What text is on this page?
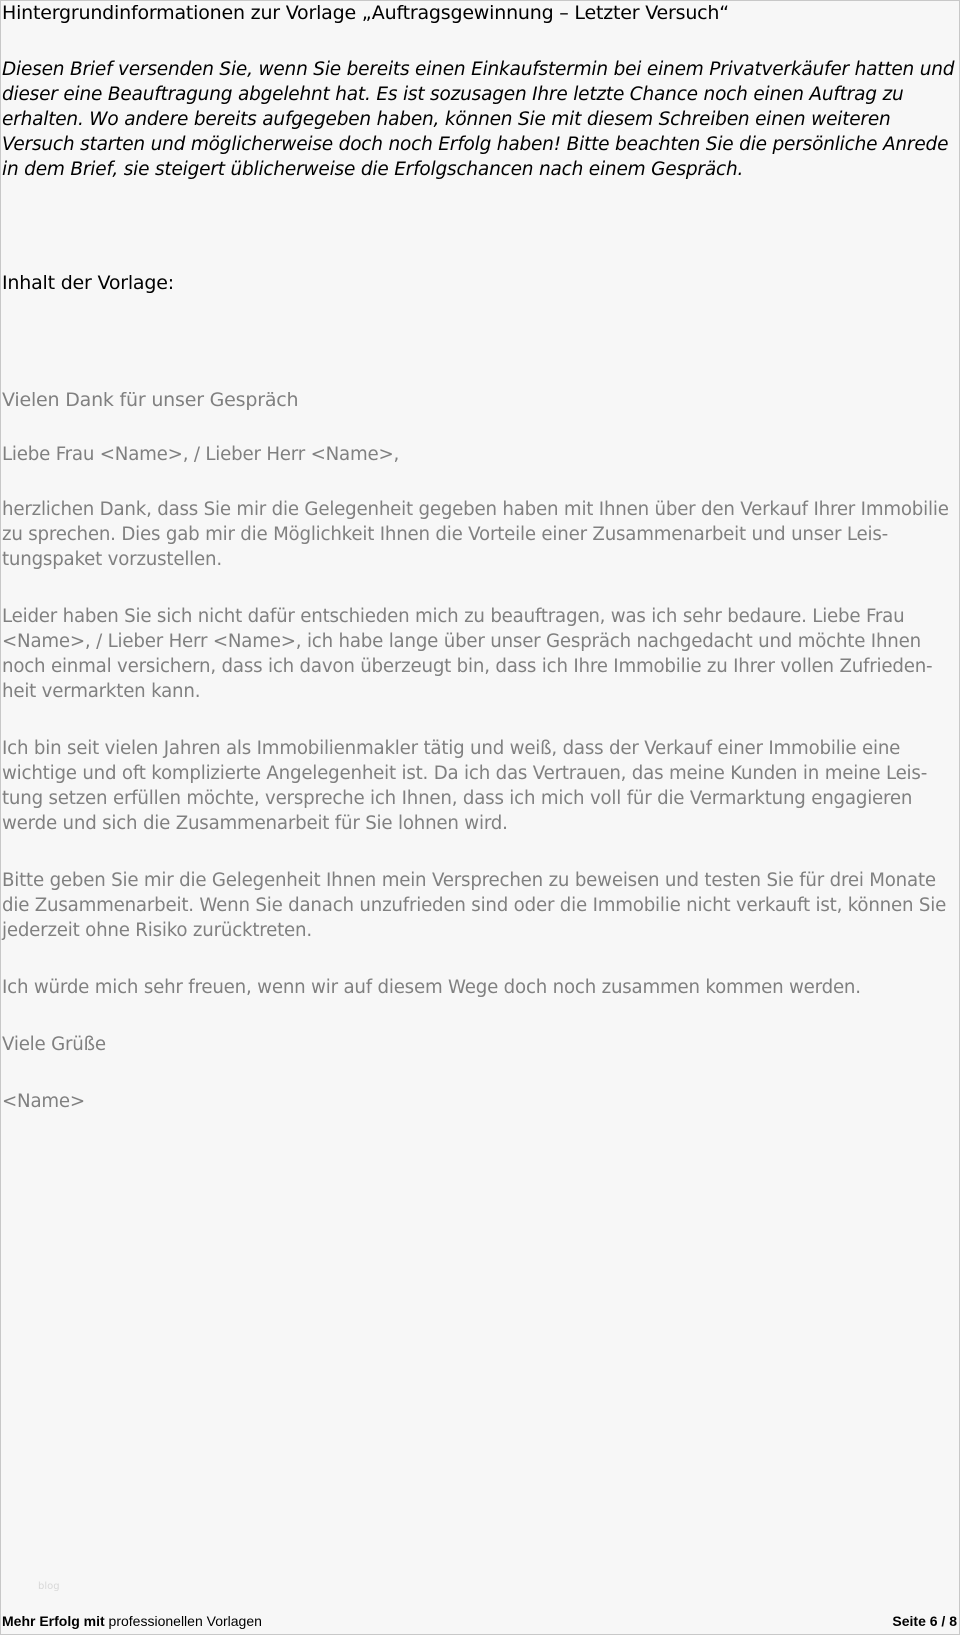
Hintergrundinformationen zur Vorlage „Auftragsgewinnung – Letzter Versuch“
Diesen Brief versenden Sie, wenn Sie bereits einen Einkaufstermin bei einem Privatverkäufer hatten und dieser eine Beauftragung abgelehnt hat. Es ist sozusagen Ihre letzte Chance noch einen Auftrag zu erhalten. Wo andere bereits aufgegeben haben, können Sie mit diesem Schreiben einen weiteren Versuch starten und möglicherweise doch noch Erfolg haben! Bitte beachten Sie die persönliche Anrede in dem Brief, sie steigert üblicherweise die Erfolgschancen nach einem Gespräch.
Inhalt der Vorlage:
Vielen Dank für unser Gespräch

Liebe Frau <Name>, / Lieber Herr <Name>,

herzlichen Dank, dass Sie mir die Gelegenheit gegeben haben mit Ihnen über den Verkauf Ihrer Immobilie zu sprechen. Dies gab mir die Möglichkeit Ihnen die Vorteile einer Zusammenarbeit und unser Leistungspaket vorzustellen.

Leider haben Sie sich nicht dafür entschieden mich zu beauftragen, was ich sehr bedaure. Liebe Frau <Name>, / Lieber Herr <Name>, ich habe lange über unser Gespräch nachgedacht und möchte Ihnen noch einmal versichern, dass ich davon überzeugt bin, dass ich Ihre Immobilie zu Ihrer vollen Zufriedenheit vermarkten kann.

Ich bin seit vielen Jahren als Immobilienmakler tätig und weiß, dass der Verkauf einer Immobilie eine wichtige und oft komplizierte Angelegenheit ist. Da ich das Vertrauen, das meine Kunden in meine Leistung setzen erfüllen möchte, verspreche ich Ihnen, dass ich mich voll für die Vermarktung engagieren werde und sich die Zusammenarbeit für Sie lohnen wird.

Bitte geben Sie mir die Gelegenheit Ihnen mein Versprechen zu beweisen und testen Sie für drei Monate die Zusammenarbeit. Wenn Sie danach unzufrieden sind oder die Immobilie nicht verkauft ist, können Sie jederzeit ohne Risiko zurücktreten.

Ich würde mich sehr freuen, wenn wir auf diesem Wege doch noch zusammen kommen werden.

Viele Grüße

<Name>

blog
Mehr Erfolg mit professionellen Vorlagen	Seite 6 / 8
